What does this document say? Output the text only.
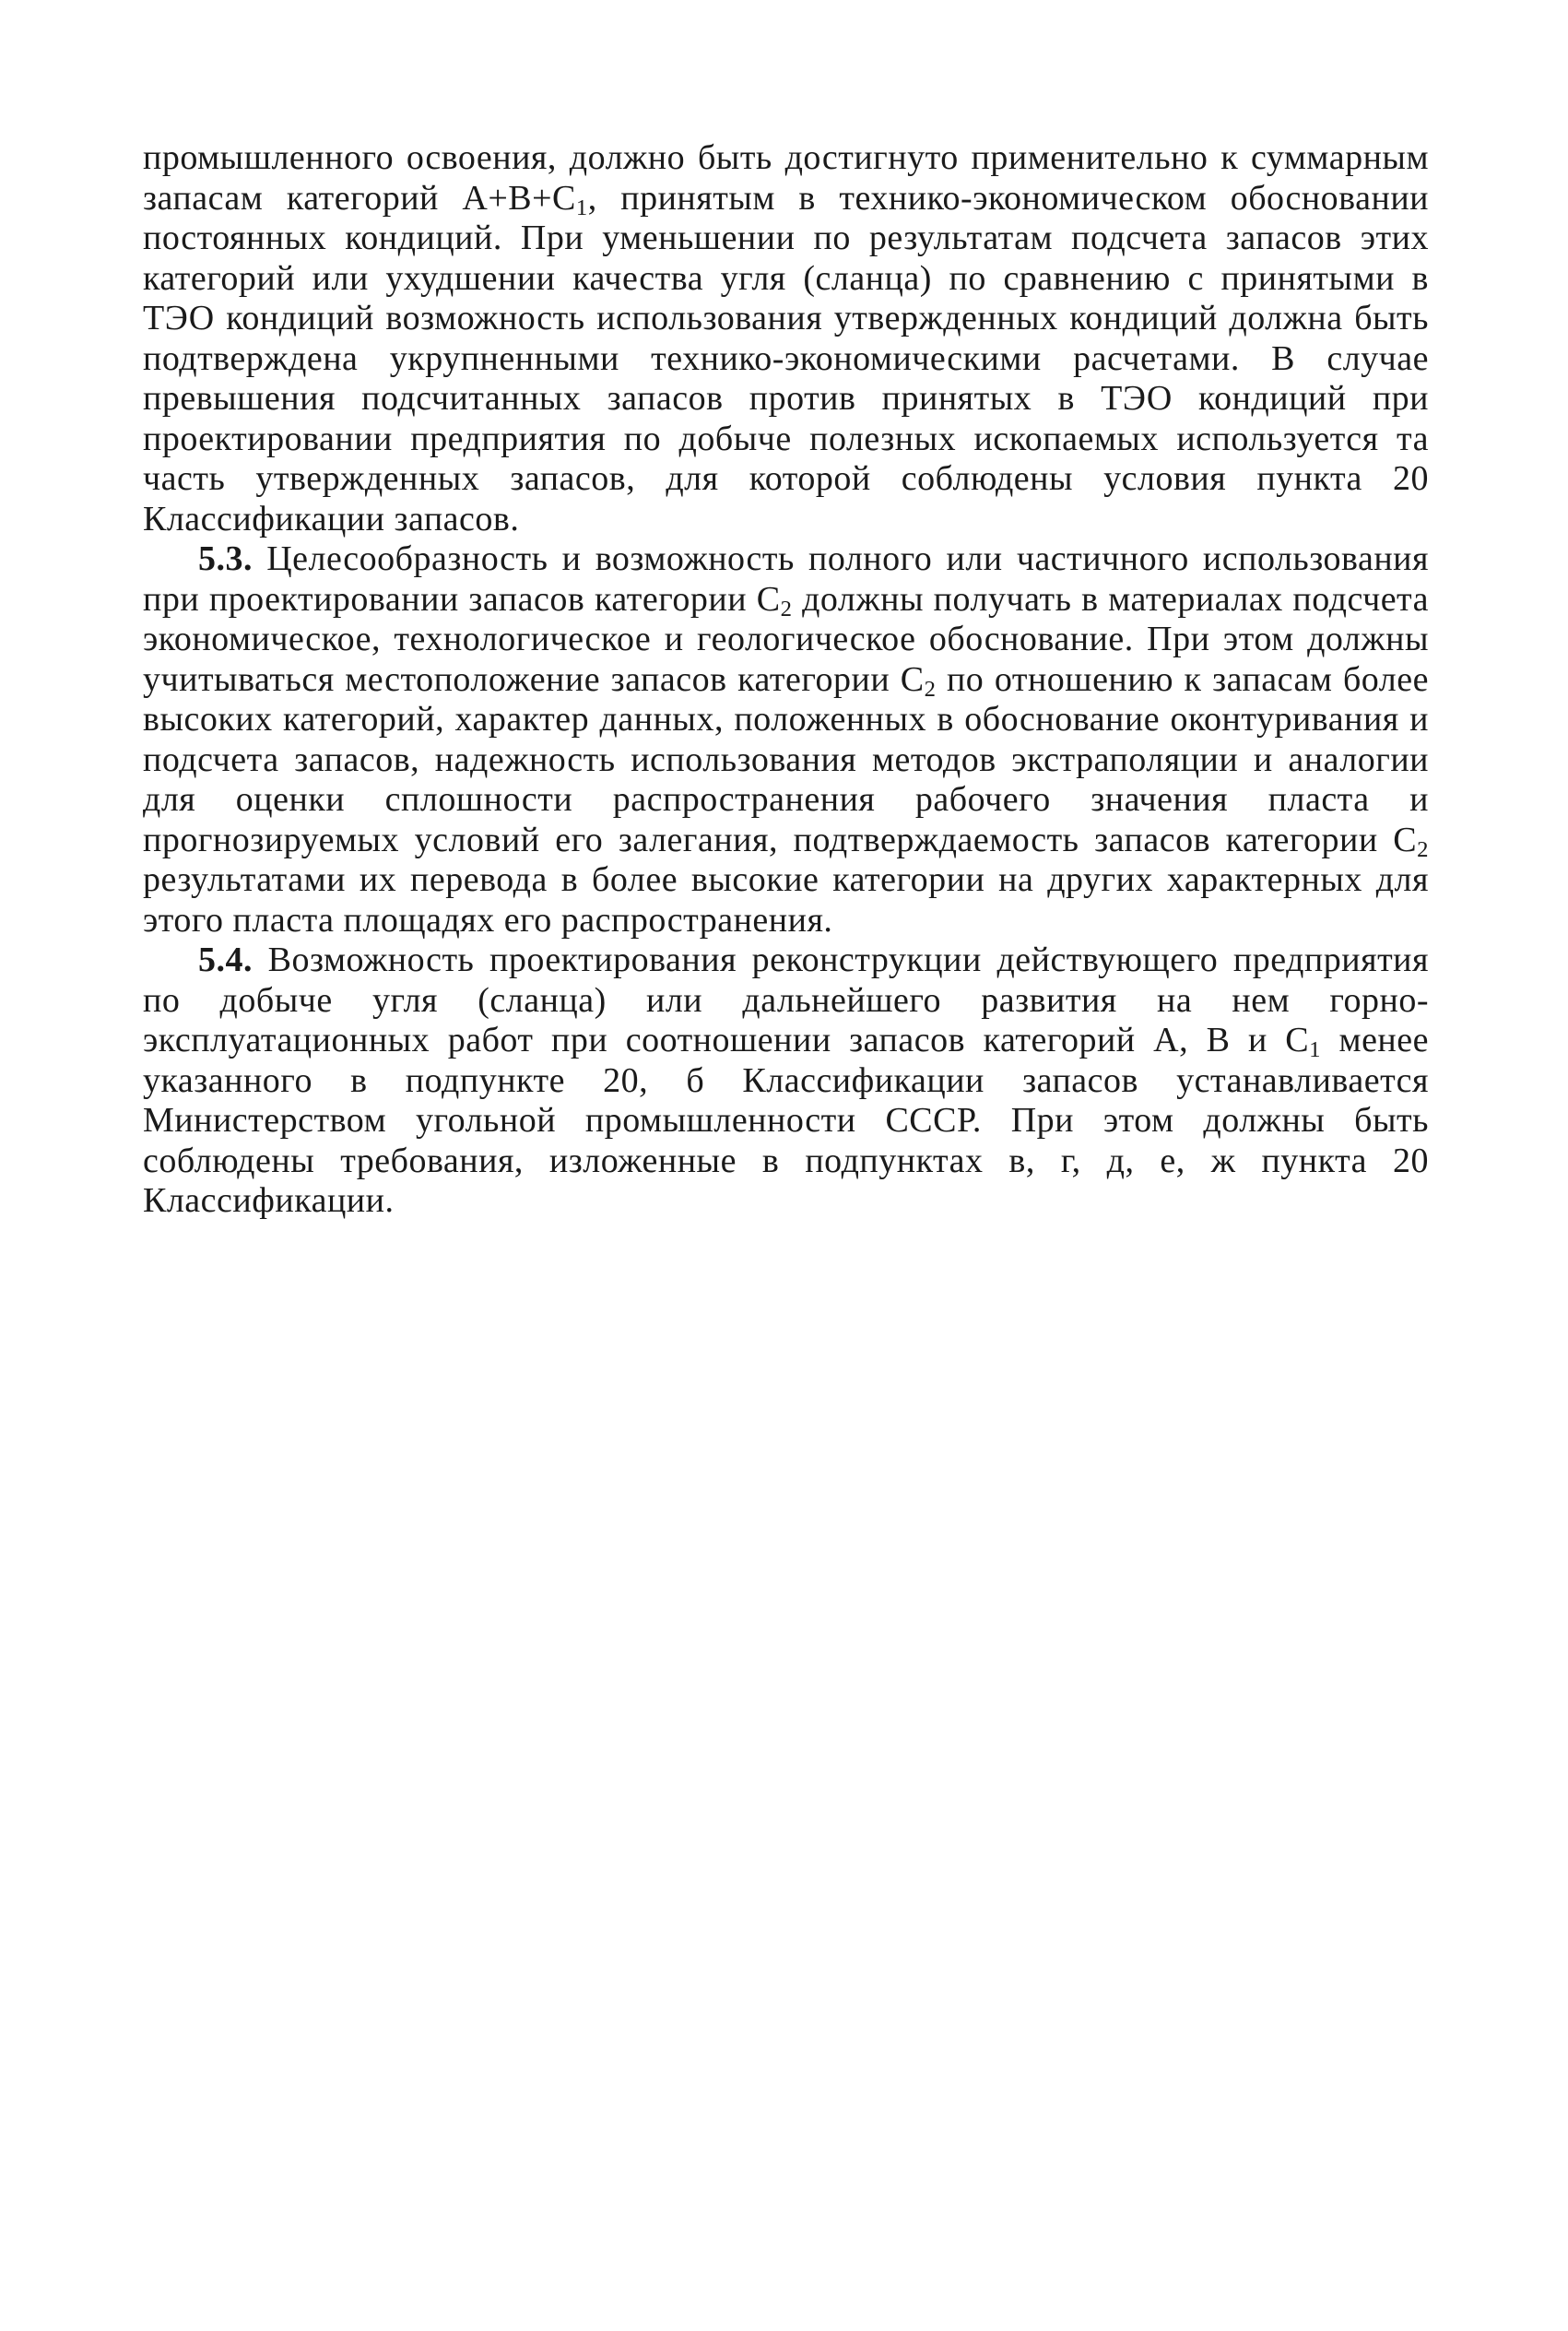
промышленного освоения, должно быть достигнуто применительно к суммарным запасам категорий $A+B+C_1$, принятым в технико-экономическом обосновании постоянных кондиций. При уменьшении по результатам подсчета запасов этих категорий или ухудшении качества угля (сланца) по сравнению с принятыми в ТЭО кондиций возможность использования утвержденных кондиций должна быть подтверждена укрупненными технико-экономическими расчетами. В случае превышения подсчитанных запасов против принятых в ТЭО кондиций при проектировании предприятия по добыче полезных ископаемых используется та часть утвержденных запасов, для которой соблюдены условия пункта 20 Классификации запасов.

5.3. Целесообразность и возможность полного или частичного использования при проектировании запасов категории $C_2$ должны получать в материалах подсчета экономическое, технологическое и геологическое обоснование. При этом должны учитываться местоположение запасов категории $C_2$ по отношению к запасам более высоких категорий, характер данных, положенных в обоснование оконтуривания и подсчета запасов, надежность использования методов экстраполяции и аналогии для оценки сплошности распространения рабочего значения пласта и прогнозируемых условий его залегания, подтверждаемость запасов категории $C_2$ результатами их перевода в более высокие категории на других характерных для этого пласта площадях его распространения.

5.4. Возможность проектирования реконструкции действующего предприятия по добыче угля (сланца) или дальнейшего развития на нем горно-эксплуатационных работ при соотношении запасов категорий A, B и $C_1$ менее указанного в подпункте 20, б Классификации запасов устанавливается Министерством угольной промышленности СССР. При этом должны быть соблюдены требования, изложенные в подпунктах в, г, д, е, ж пункта 20 Классификации.
